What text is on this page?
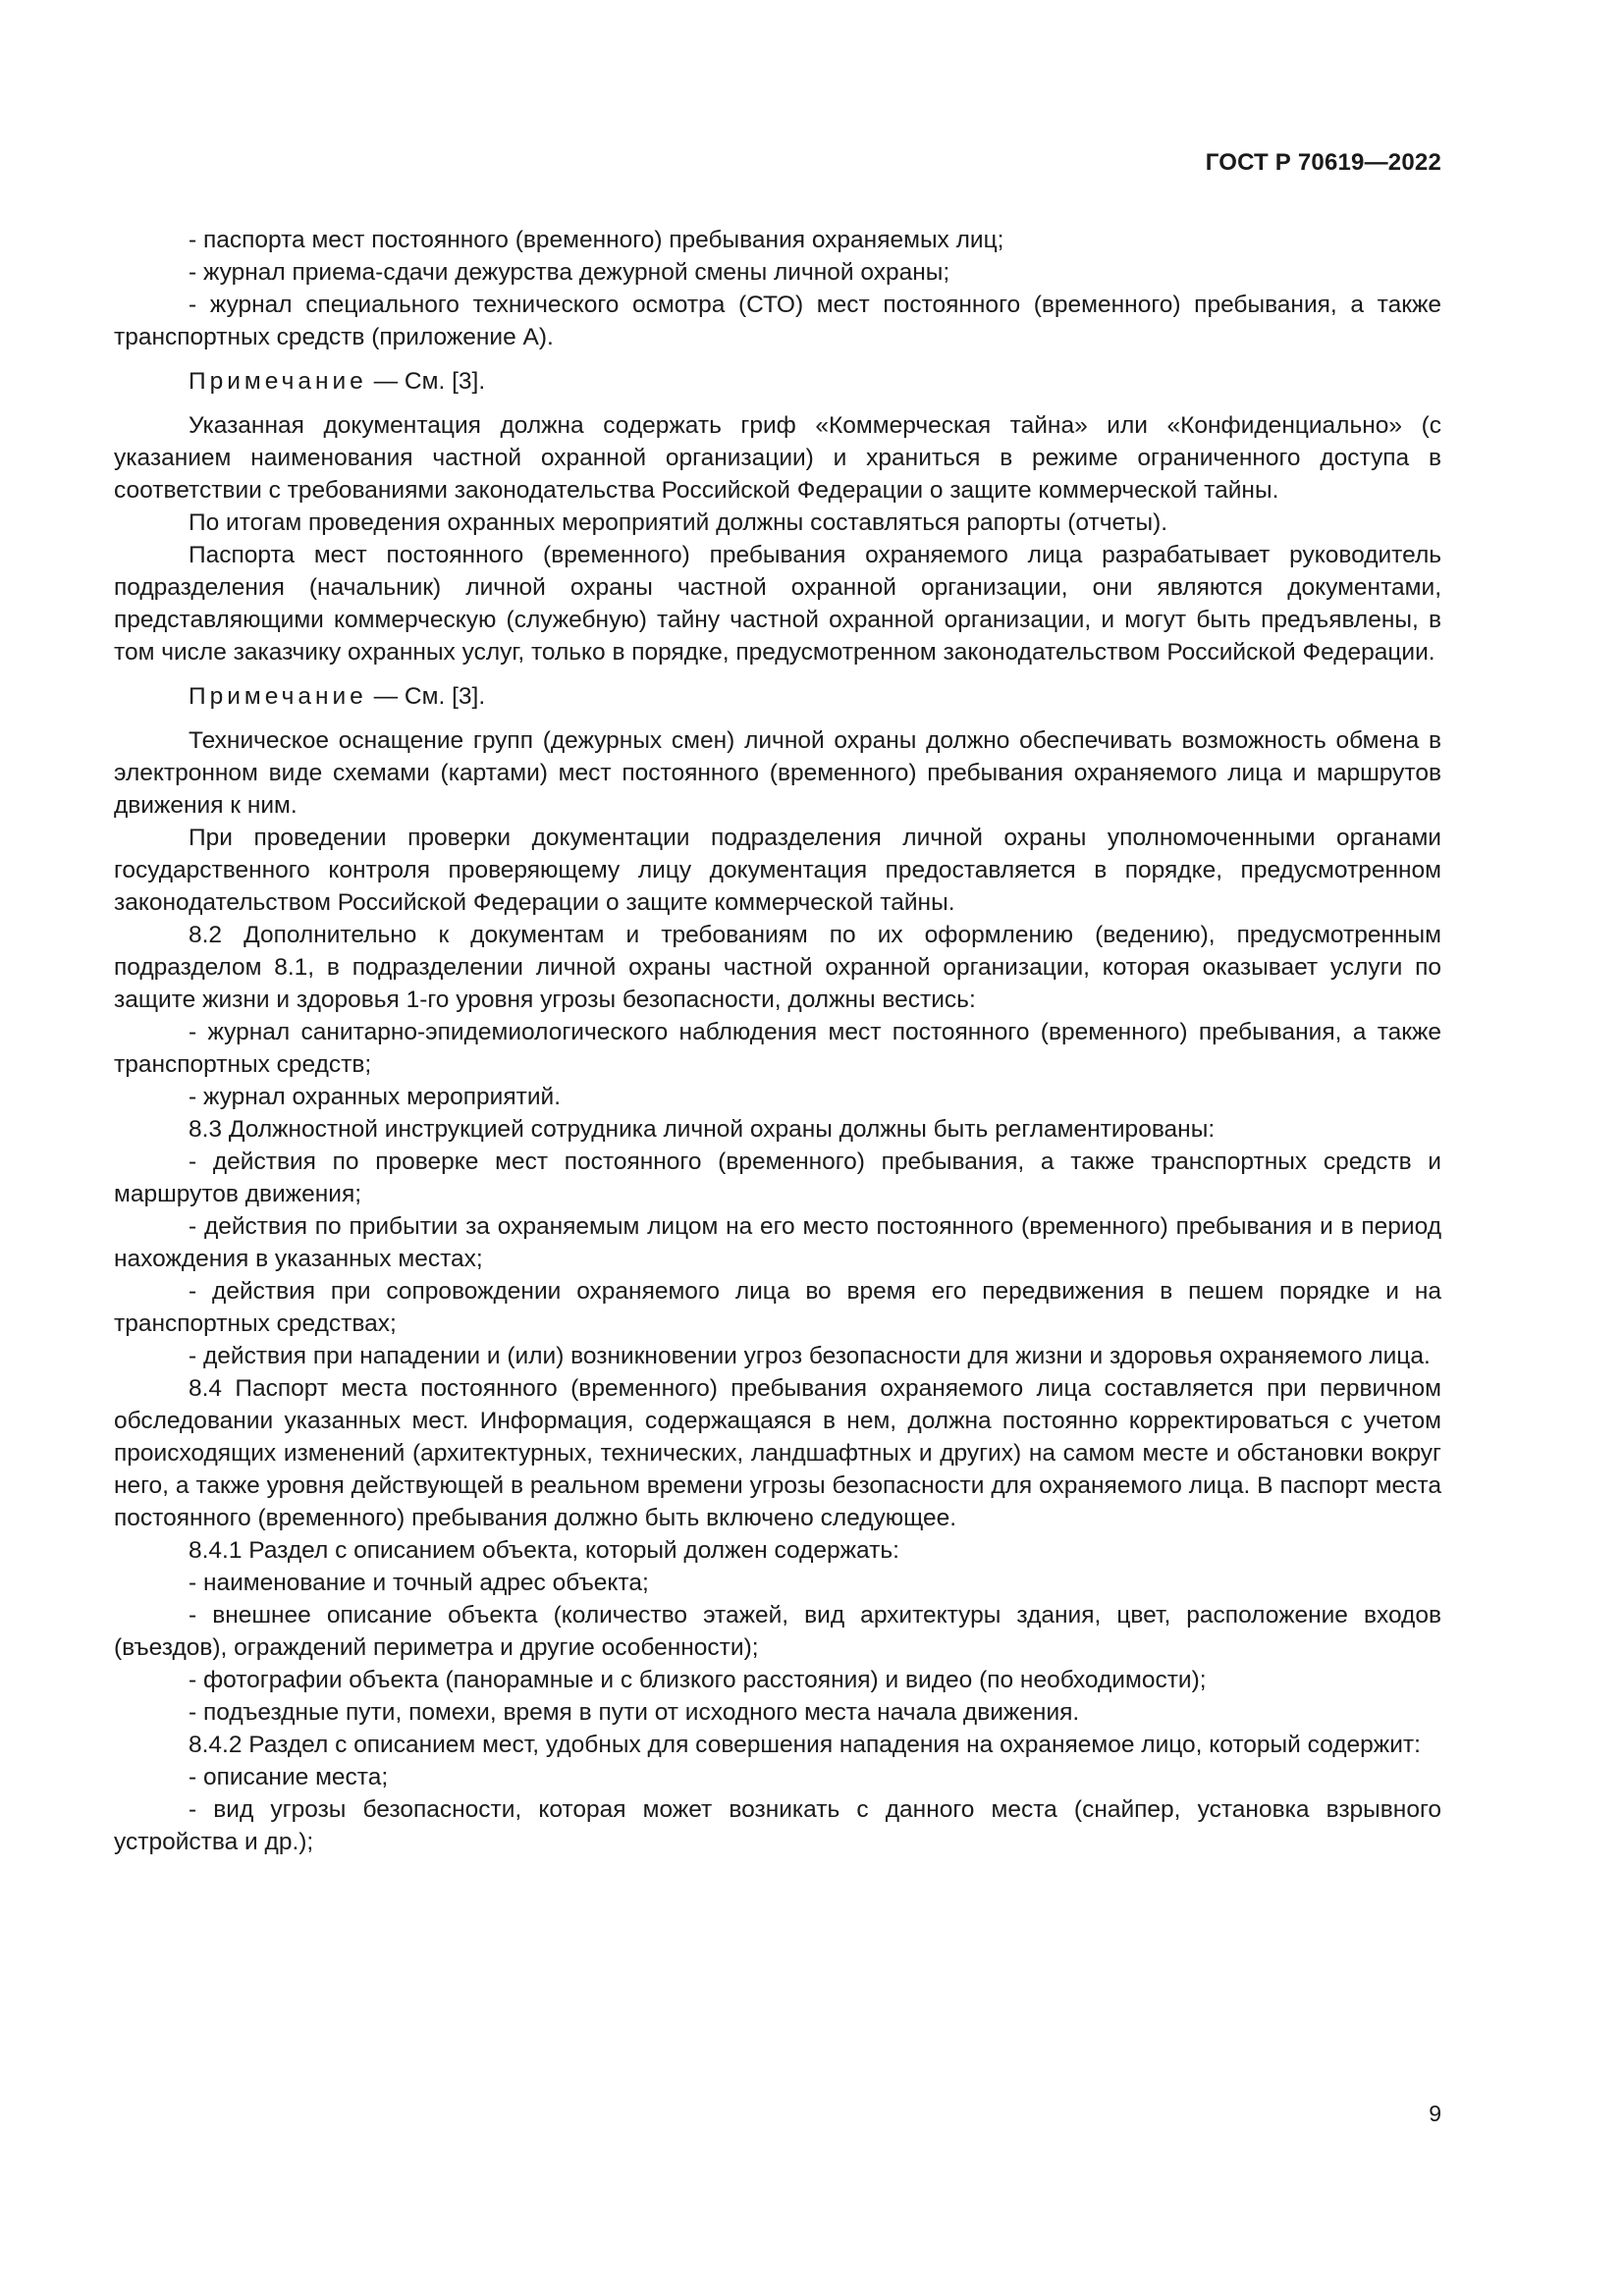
ГОСТ Р 70619—2022

- паспорта мест постоянного (временного) пребывания охраняемых лиц;

- журнал приема-сдачи дежурства дежурной смены личной охраны;

- журнал специального технического осмотра (СТО) мест постоянного (временного) пребывания, а также транспортных средств (приложение А).

Примечание — См. [3].

Указанная документация должна содержать гриф «Коммерческая тайна» или «Конфиденциально» (с указанием наименования частной охранной организации) и храниться в режиме ограниченного доступа в соответствии с требованиями законодательства Российской Федерации о защите коммерческой тайны.

По итогам проведения охранных мероприятий должны составляться рапорты (отчеты).

Паспорта мест постоянного (временного) пребывания охраняемого лица разрабатывает руководитель подразделения (начальник) личной охраны частной охранной организации, они являются документами, представляющими коммерческую (служебную) тайну частной охранной организации, и могут быть предъявлены, в том числе заказчику охранных услуг, только в порядке, предусмотренном законодательством Российской Федерации.

Примечание — См. [3].

Техническое оснащение групп (дежурных смен) личной охраны должно обеспечивать возможность обмена в электронном виде схемами (картами) мест постоянного (временного) пребывания охраняемого лица и маршрутов движения к ним.

При проведении проверки документации подразделения личной охраны уполномоченными органами государственного контроля проверяющему лицу документация предоставляется в порядке, предусмотренном законодательством Российской Федерации о защите коммерческой тайны.

8.2 Дополнительно к документам и требованиям по их оформлению (ведению), предусмотренным подразделом 8.1, в подразделении личной охраны частной охранной организации, которая оказывает услуги по защите жизни и здоровья 1-го уровня угрозы безопасности, должны вестись:

- журнал санитарно-эпидемиологического наблюдения мест постоянного (временного) пребывания, а также транспортных средств;

- журнал охранных мероприятий.

8.3 Должностной инструкцией сотрудника личной охраны должны быть регламентированы:

- действия по проверке мест постоянного (временного) пребывания, а также транспортных средств и маршрутов движения;

- действия по прибытии за охраняемым лицом на его место постоянного (временного) пребывания и в период нахождения в указанных местах;

- действия при сопровождении охраняемого лица во время его передвижения в пешем порядке и на транспортных средствах;

- действия при нападении и (или) возникновении угроз безопасности для жизни и здоровья охраняемого лица.

8.4 Паспорт места постоянного (временного) пребывания охраняемого лица составляется при первичном обследовании указанных мест. Информация, содержащаяся в нем, должна постоянно корректироваться с учетом происходящих изменений (архитектурных, технических, ландшафтных и других) на самом месте и обстановки вокруг него, а также уровня действующей в реальном времени угрозы безопасности для охраняемого лица. В паспорт места постоянного (временного) пребывания должно быть включено следующее.

8.4.1 Раздел с описанием объекта, который должен содержать:

- наименование и точный адрес объекта;

- внешнее описание объекта (количество этажей, вид архитектуры здания, цвет, расположение входов (въездов), ограждений периметра и другие особенности);

- фотографии объекта (панорамные и с близкого расстояния) и видео (по необходимости);

- подъездные пути, помехи, время в пути от исходного места начала движения.

8.4.2 Раздел с описанием мест, удобных для совершения нападения на охраняемое лицо, который содержит:

- описание места;

- вид угрозы безопасности, которая может возникать с данного места (снайпер, установка взрывного устройства и др.);

9
